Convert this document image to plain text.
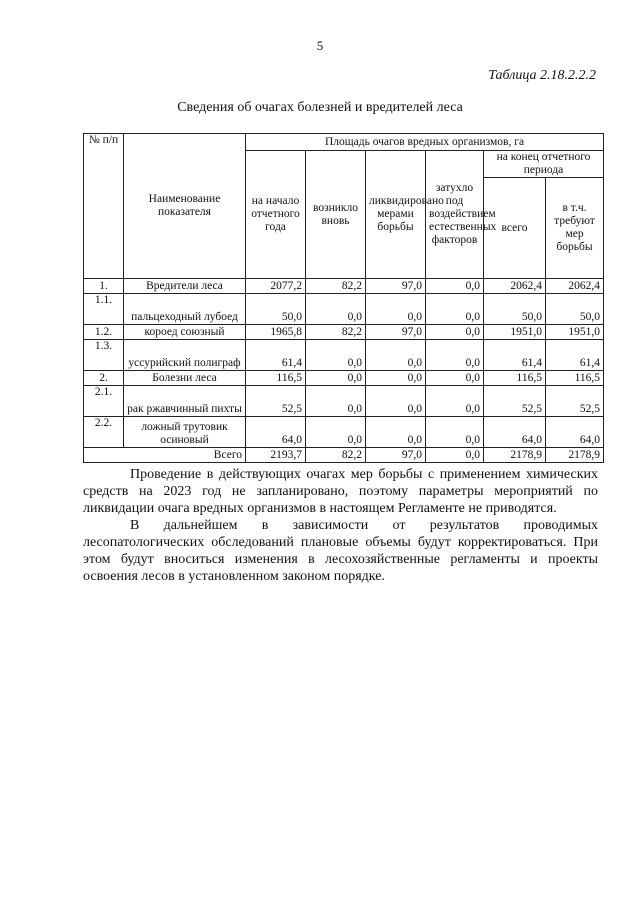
5
Таблица 2.18.2.2.2
Сведения об очагах болезней и вредителей леса
№ п/п	Наименование показателя	Площадь очагов вредных организмов, га					
		на начало отчетного года	возникло вновь	ликвидировано мерами борьбы	затухло под воздействием естественных факторов	на конец отчетного периода	
						всего	в т.ч. требуют мер борьбы
1.	Вредители леса	2077,2	82,2	97,0	0,0	2062,4	2062,4
1.1.	пальцеходный лубоед	50,0	0,0	0,0	0,0	50,0	50,0
1.2.	короед союзный	1965,8	82,2	97,0	0,0	1951,0	1951,0
1.3.	уссурийский полиграф	61,4	0,0	0,0	0,0	61,4	61,4
2.	Болезни леса	116,5	0,0	0,0	0,0	116,5	116,5
2.1.	рак ржавчинный пихты	52,5	0,0	0,0	0,0	52,5	52,5
2.2.	ложный трутовик осиновый	64,0	0,0	0,0	0,0	64,0	64,0
Всего		2193,7	82,2	97,0	0,0	2178,9	2178,9

Проведение в действующих очагах мер борьбы с применением химических средств на 2023 год не запланировано, поэтому параметры мероприятий по ликвидации очага вредных организмов в настоящем Регламенте не приводятся.

В дальнейшем в зависимости от результатов проводимых лесопатологических обследований плановые объемы будут корректироваться. При этом будут вноситься изменения в лесохозяйственные регламенты и проекты освоения лесов в установленном законом порядке.
